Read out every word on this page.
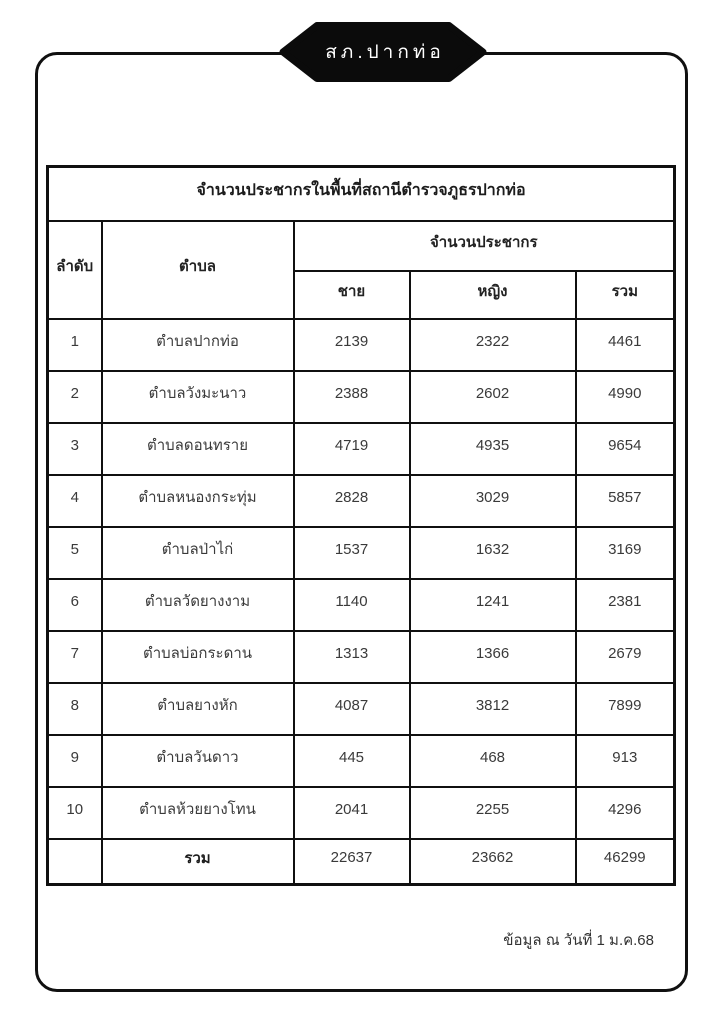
สภ.ปากท่อ
จำนวนประชากรในพื้นที่สถานีตำรวจภูธรปากท่อ				
ลำดับ	ตำบล	จำนวนประชากร		
		ชาย	หญิง	รวม
1	ตำบลปากท่อ	2139	2322	4461
2	ตำบลวังมะนาว	2388	2602	4990
3	ตำบลดอนทราย	4719	4935	9654
4	ตำบลหนองกระทุ่ม	2828	3029	5857
5	ตำบลป่าไก่	1537	1632	3169
6	ตำบลวัดยางงาม	1140	1241	2381
7	ตำบลบ่อกระดาน	1313	1366	2679
8	ตำบลยางหัก	4087	3812	7899
9	ตำบลวันดาว	445	468	913
10	ตำบลห้วยยางโทน	2041	2255	4296
	รวม	22637	23662	46299
ข้อมูล ณ วันที่ 1 ม.ค.68
